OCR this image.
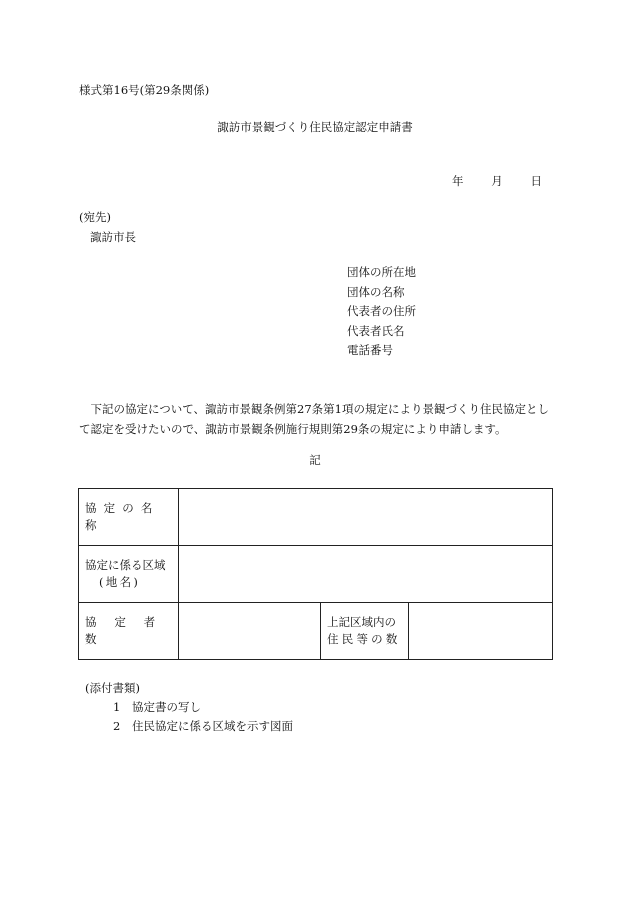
様式第16号(第29条関係)
諏訪市景観づくり住民協定認定申請書
年 月 日
(宛先)
諏訪市長
団体の所在地
団体の名称
代表者の住所
代表者氏名
電話番号
下記の協定について、諏訪市景観条例第27条第1項の規定により景観づくり住民協定として認定を受けたいので、諏訪市景観条例施行規則第29条の規定により申請します。
記
協定の名称			

協定に係る区域
(地名)			

協定者数		上記区域内の
住民等の数	

(添付書類)
1 協定書の写し
2 住民協定に係る区域を示す図面
